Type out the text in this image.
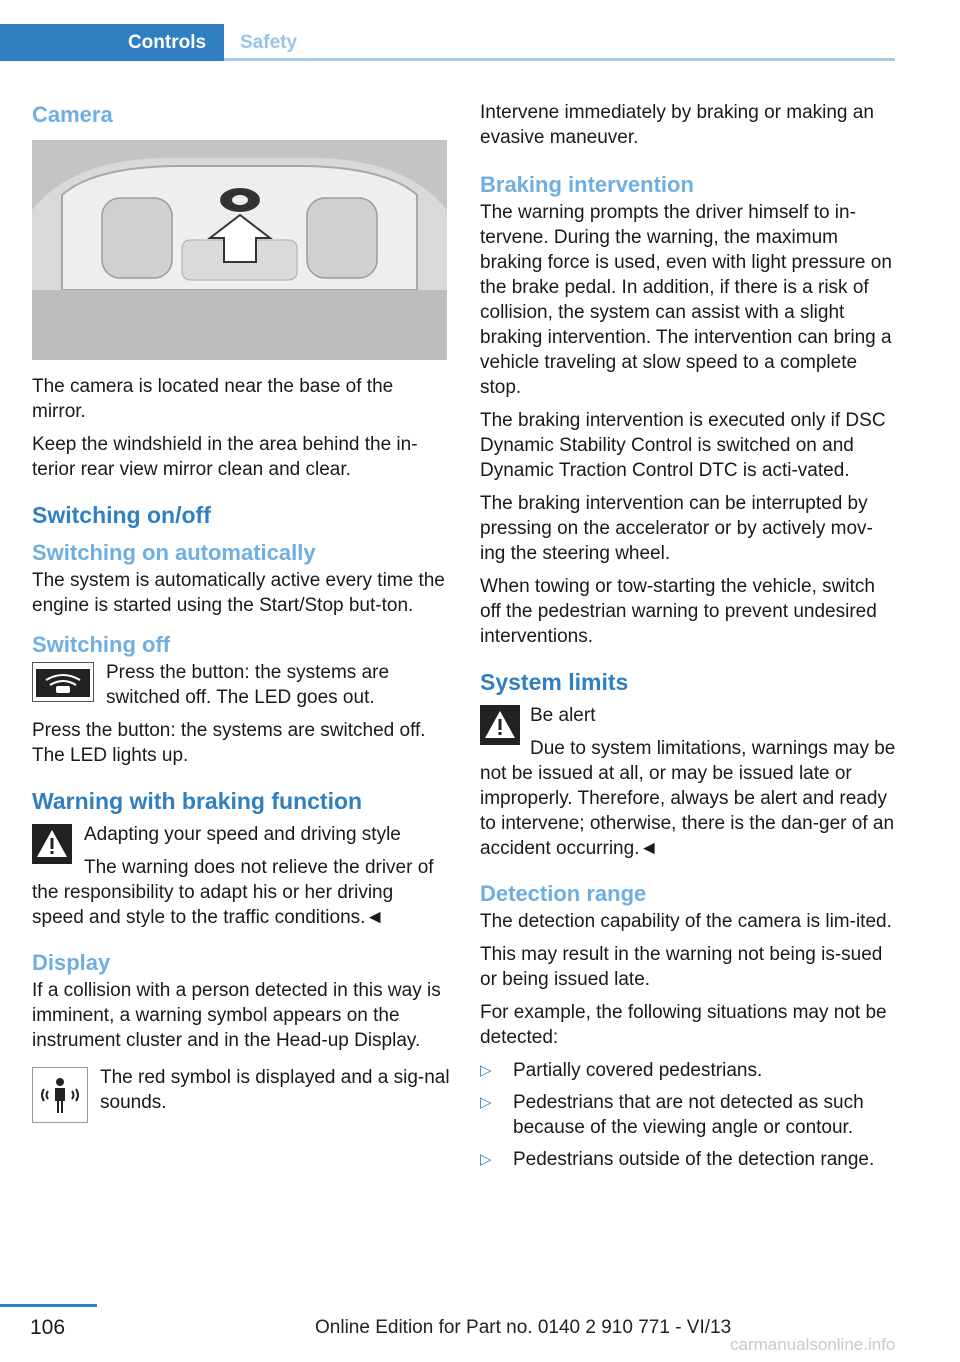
Controls	Safety
Camera

The camera is located near the base of the mirror.

Keep the windshield in the area behind the in‐terior rear view mirror clean and clear.

Switching on/off
Switching on automatically

The system is automatically active every time the engine is started using the Start/Stop but‐ton.

Switching off

Press the button: the systems are switched off. The LED goes out.

Press the button: the systems are switched off. The LED lights up.

Warning with braking function

Adapting your speed and driving style

The warning does not relieve the driver of the responsibility to adapt his or her driving speed and style to the traffic conditions.◄

Display

If a collision with a person detected in this way is imminent, a warning symbol appears on the instrument cluster and in the Head-up Display.

The red symbol is displayed and a sig‐nal sounds.

Intervene immediately by braking or making an evasive maneuver.

Braking intervention

The warning prompts the driver himself to in‐tervene. During the warning, the maximum braking force is used, even with light pressure on the brake pedal. In addition, if there is a risk of collision, the system can assist with a slight braking intervention. The intervention can bring a vehicle traveling at slow speed to a complete stop.

The braking intervention is executed only if DSC Dynamic Stability Control is switched on and Dynamic Traction Control DTC is acti‐vated.

The braking intervention can be interrupted by pressing on the accelerator or by actively mov‐ing the steering wheel.

When towing or tow-starting the vehicle, switch off the pedestrian warning to prevent undesired interventions.

System limits

Be alert

Due to system limitations, warnings may be not be issued at all, or may be issued late or improperly. Therefore, always be alert and ready to intervene; otherwise, there is the dan‐ger of an accident occurring.◄

Detection range

The detection capability of the camera is lim‐ited.

This may result in the warning not being is‐sued or being issued late.

For example, the following situations may not be detected:

▷ Partially covered pedestrians.
▷ Pedestrians that are not detected as such because of the viewing angle or contour.
▷ Pedestrians outside of the detection range.
106	Online Edition for Part no. 0140 2 910 771 - VI/13
carmanualsonline.info
